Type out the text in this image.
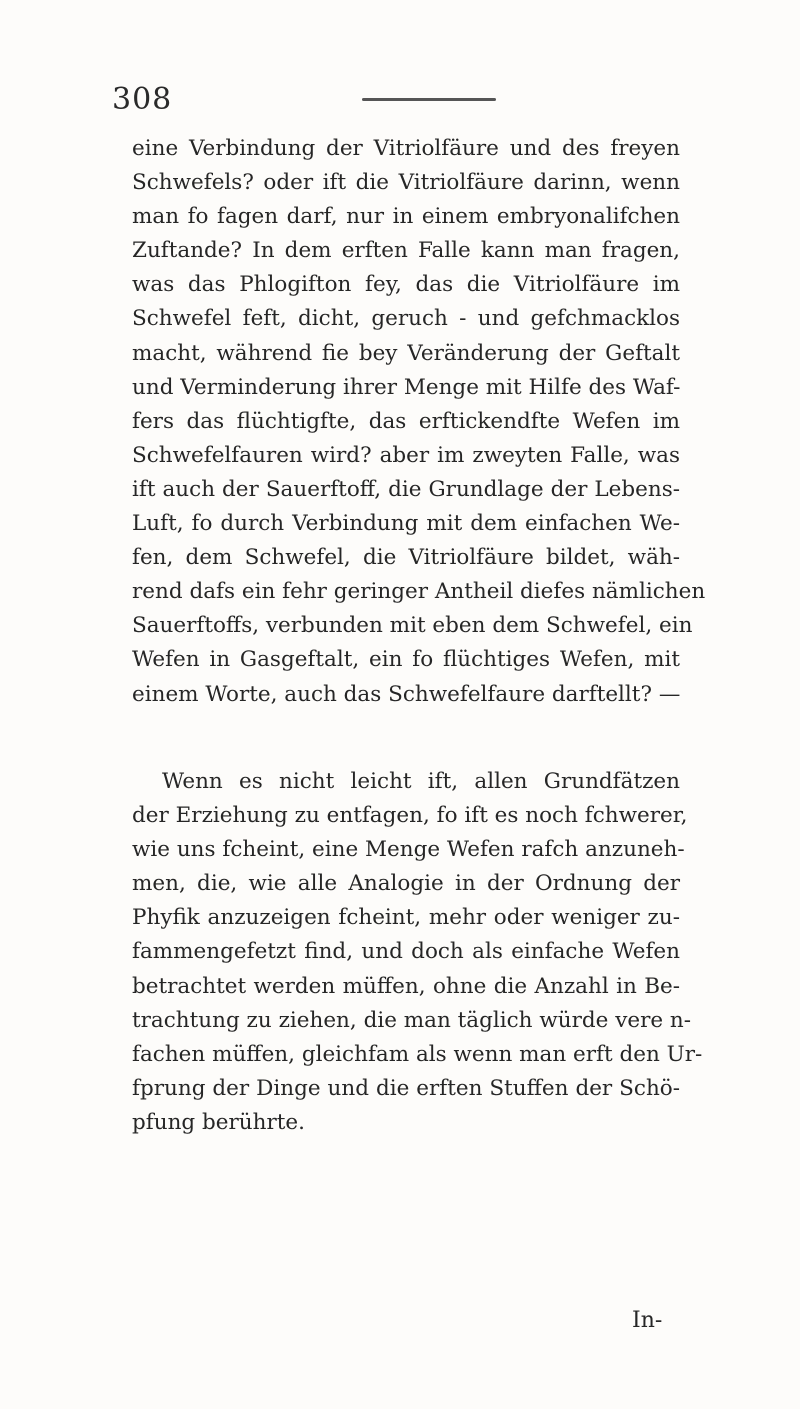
308
eine Verbindung der Vitriolfäure und des freyen
Schwefels? oder ift die Vitriolfäure darinn, wenn
man fo fagen darf, nur in einem embryonalifchen
Zuftande? In dem erften Falle kann man fragen,
was das Phlogifton fey, das die Vitriolfäure im
Schwefel feft, dicht, geruch - und gefchmacklos
macht, während fie bey Veränderung der Geftalt
und Verminderung ihrer Menge mit Hilfe des Waf-
fers das flüchtigfte, das erftickendfte Wefen im
Schwefelfauren wird? aber im zweyten Falle, was
ift auch der Sauerftoff, die Grundlage der Lebens-
Luft, fo durch Verbindung mit dem einfachen We-
fen, dem Schwefel, die Vitriolfäure bildet, wäh-
rend dafs ein fehr geringer Antheil diefes nämlichen
Sauerftoffs, verbunden mit eben dem Schwefel, ein
Wefen in Gasgeftalt, ein fo flüchtiges Wefen, mit
einem Worte, auch das Schwefelfaure darftellt? —
Wenn es nicht leicht ift, allen Grundfätzen
der Erziehung zu entfagen, fo ift es noch fchwerer,
wie uns fcheint, eine Menge Wefen rafch anzuneh-
men, die, wie alle Analogie in der Ordnung der
Phyfik anzuzeigen fcheint, mehr oder weniger zu-
fammengefetzt find, und doch als einfache Wefen
betrachtet werden müffen, ohne die Anzahl in Be-
trachtung zu ziehen, die man täglich würde vere n-
fachen müffen, gleichfam als wenn man erft den Ur-
fprung der Dinge und die erften Stuffen der Schö-
pfung berührte.
In-
